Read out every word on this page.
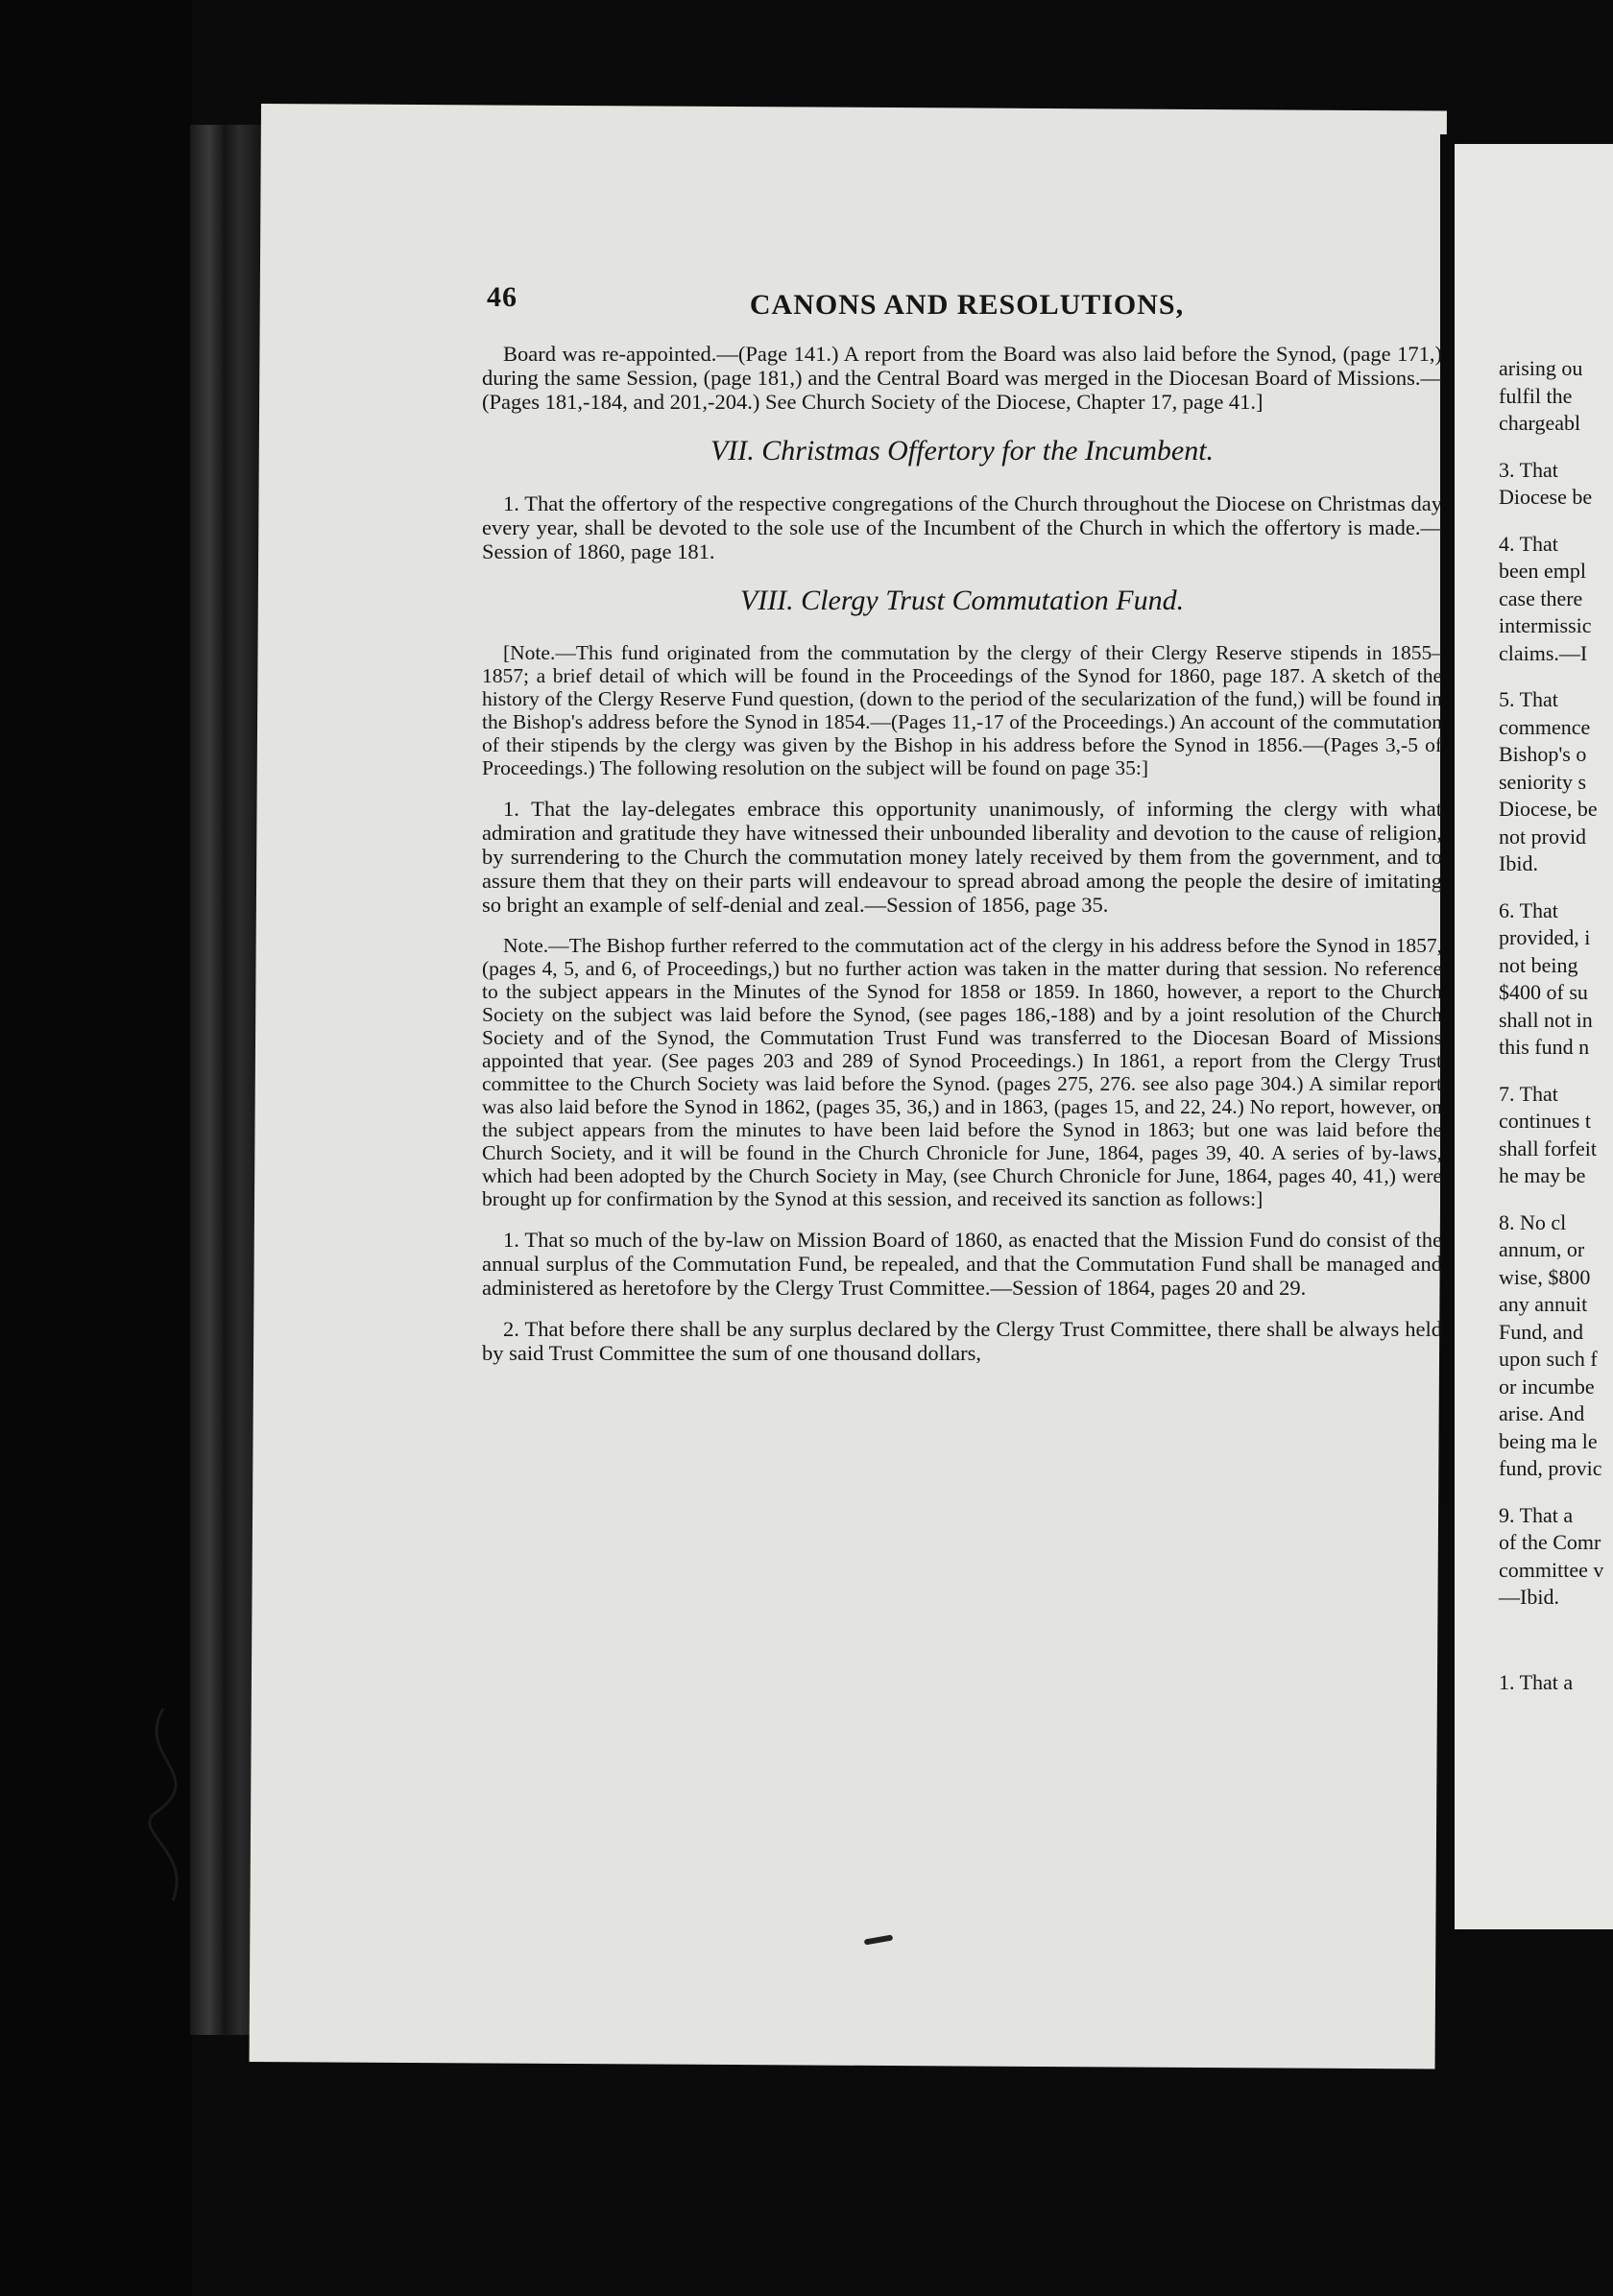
arising ou

fulfil the

chargeabl

3. That

Diocese be

4. That

been empl

case there

intermissic

claims.—I

5. That

commence

Bishop's o

seniority s

Diocese, be

not provid

Ibid.

6. That

provided, i

not being

$400 of su

shall not in

this fund n

7. That

continues t

shall forfeit

he may be

8. No cl

annum, or

wise, $800

any annuit

Fund, and

upon such f

or incumbe

arise. And

being ma le

fund, provic

9. That a

of the Comr

committee v

—Ibid.

1. That a

46	CANONS AND RESOLUTIONS,

Board was re-appointed.—(Page 141.) A report from the Board was also laid before the Synod, (page 171,) during the same Session, (page 181,) and the Central Board was merged in the Diocesan Board of Missions.—(Pages 181,-184, and 201,-204.) See Church Society of the Diocese, Chapter 17, page 41.]

VII. Christmas Offertory for the Incumbent.

1. That the offertory of the respective congregations of the Church throughout the Diocese on Christmas day every year, shall be devoted to the sole use of the Incumbent of the Church in which the offertory is made.—Session of 1860, page 181.

VIII. Clergy Trust Commutation Fund.

[Note.—This fund originated from the commutation by the clergy of their Clergy Reserve stipends in 1855–1857; a brief detail of which will be found in the Proceedings of the Synod for 1860, page 187. A sketch of the history of the Clergy Reserve Fund question, (down to the period of the secularization of the fund,) will be found in the Bishop's address before the Synod in 1854.—(Pages 11,-17 of the Proceedings.) An account of the commutation of their stipends by the clergy was given by the Bishop in his address before the Synod in 1856.—(Pages 3,-5 of Proceedings.) The following resolution on the subject will be found on page 35:]

1. That the lay-delegates embrace this opportunity unanimously, of informing the clergy with what admiration and gratitude they have witnessed their unbounded liberality and devotion to the cause of religion, by surrendering to the Church the commutation money lately received by them from the government, and to assure them that they on their parts will endeavour to spread abroad among the people the desire of imitating so bright an example of self-denial and zeal.—Session of 1856, page 35.

Note.—The Bishop further referred to the commutation act of the clergy in his address before the Synod in 1857, (pages 4, 5, and 6, of Proceedings,) but no further action was taken in the matter during that session. No reference to the subject appears in the Minutes of the Synod for 1858 or 1859. In 1860, however, a report to the Church Society on the subject was laid before the Synod, (see pages 186,-188) and by a joint resolution of the Church Society and of the Synod, the Commutation Trust Fund was transferred to the Diocesan Board of Missions appointed that year. (See pages 203 and 289 of Synod Proceedings.) In 1861, a report from the Clergy Trust committee to the Church Society was laid before the Synod. (pages 275, 276. see also page 304.) A similar report was also laid before the Synod in 1862, (pages 35, 36,) and in 1863, (pages 15, and 22, 24.) No report, however, on the subject appears from the minutes to have been laid before the Synod in 1863; but one was laid before the Church Society, and it will be found in the Church Chronicle for June, 1864, pages 39, 40. A series of by-laws, which had been adopted by the Church Society in May, (see Church Chronicle for June, 1864, pages 40, 41,) were brought up for confirmation by the Synod at this session, and received its sanction as follows:]

1. That so much of the by-law on Mission Board of 1860, as enacted that the Mission Fund do consist of the annual surplus of the Commutation Fund, be repealed, and that the Commutation Fund shall be managed and administered as heretofore by the Clergy Trust Committee.—Session of 1864, pages 20 and 29.

2. That before there shall be any surplus declared by the Clergy Trust Committee, there shall be always held by said Trust Committee the sum of one thousand dollars,
